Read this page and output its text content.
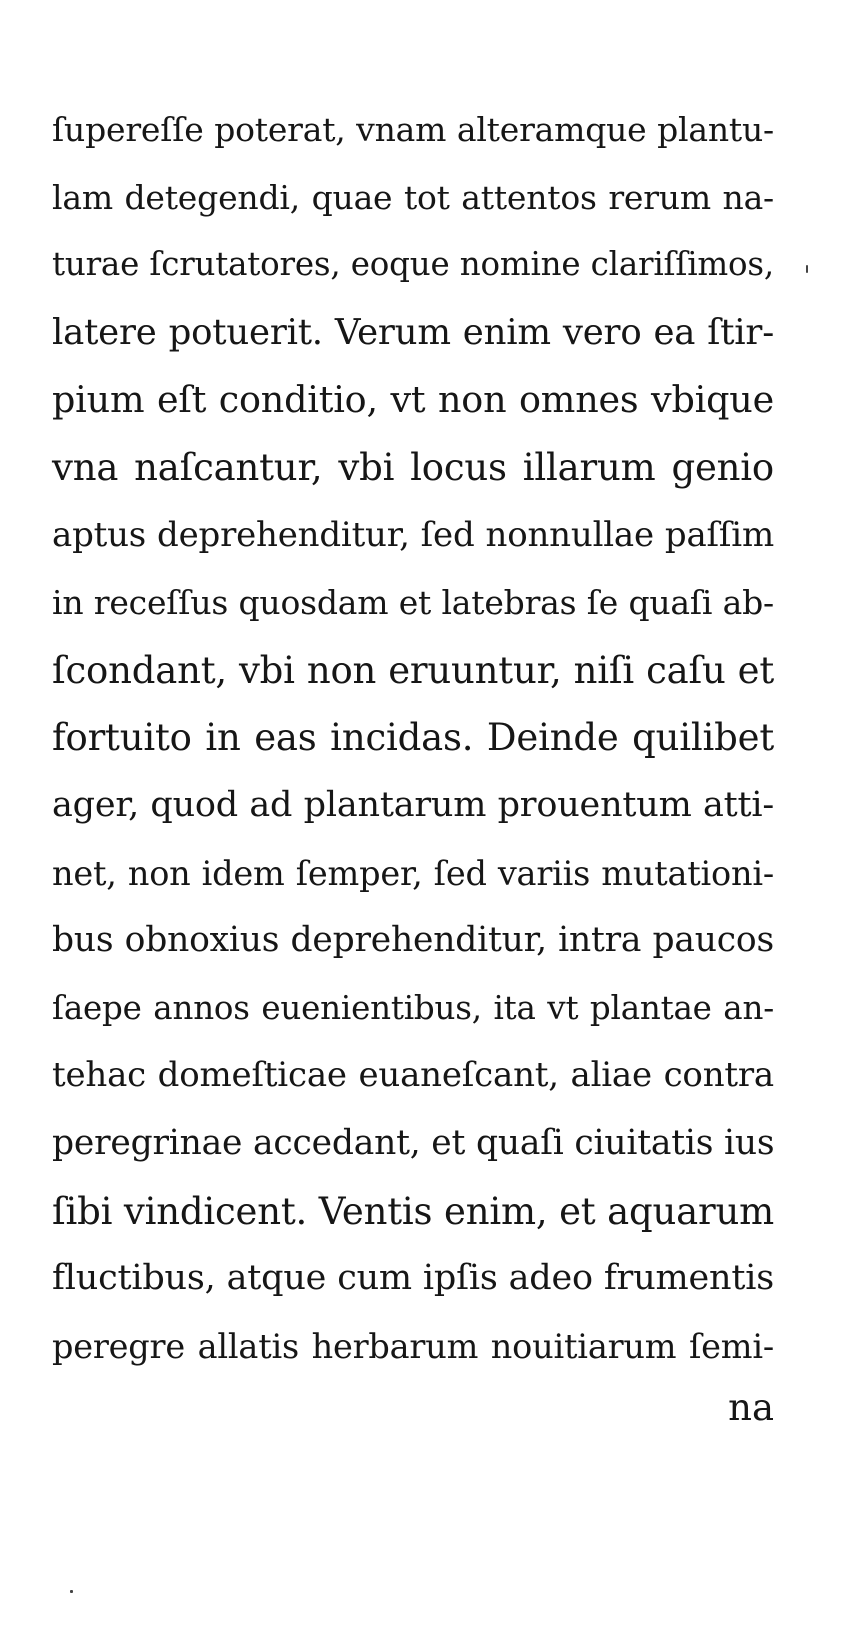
ſupereſſe poterat, vnam alteramque plantu-
lam detegendi, quae tot attentos rerum na-
turae ſcrutatores, eoque nomine clariſſimos,
latere potuerit. Verum enim vero ea ſtir-
pium eſt conditio, vt non omnes vbique
vna naſcantur, vbi locus illarum genio
aptus deprehenditur, ſed nonnullae paſſim
in receſſus quosdam et latebras ſe quaſi ab-
ſcondant, vbi non eruuntur, niſi caſu et
fortuito in eas incidas. Deinde quilibet
ager, quod ad plantarum prouentum atti-
net, non idem ſemper, ſed variis mutationi-
bus obnoxius deprehenditur, intra paucos
ſaepe annos euenientibus, ita vt plantae an-
tehac domeſticae euaneſcant, aliae contra
peregrinae accedant, et quaſi ciuitatis ius
ſibi vindicent. Ventis enim, et aquarum
fluctibus, atque cum ipſis adeo frumentis
peregre allatis herbarum nouitiarum ſemi-
na
